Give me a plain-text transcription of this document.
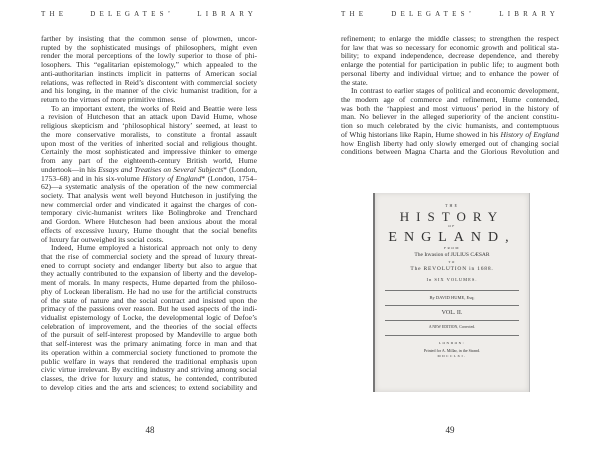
THE	DELEGATES’	LIBRARY	THE	DELEGATES’	LIBRARY
farther by insisting that the common sense of plowmen, uncor-
rupted by the sophisticated musings of philosophers, might even
render the moral perceptions of the lowly superior to those of phi-
losophers. This “egalitarian epistemology,” which appealed to the
anti-authoritarian instincts implicit in patterns of American social
relations, was reflected in Reid’s discontent with commercial society
and his longing, in the manner of the civic humanist tradition, for a
return to the virtues of more primitive times.
To an important extent, the works of Reid and Beattie were less
a revision of Hutcheson that an attack upon David Hume, whose
religious skepticism and ‘philosophical history’ seemed, at least to
the more conservative moralists, to constitute a frontal assault
upon most of the verities of inherited social and religious thought.
Certainly the most sophisticated and impressive thinker to emerge
from any part of the eighteenth-century British world, Hume
undertook—in his Essays and Treatises on Several Subjects* (London,
1753–68) and in his six-volume History of England* (London, 1754–
62)—a systematic analysis of the operation of the new commercial
society. That analysis went well beyond Hutcheson in justifying the
new commercial order and vindicated it against the charges of con-
temporary civic-humanist writers like Bolingbroke and Trenchard
and Gordon. Where Hutcheson had been anxious about the moral
effects of excessive luxury, Hume thought that the social benefits
of luxury far outweighed its social costs.
Indeed, Hume employed a historical approach not only to deny
that the rise of commercial society and the spread of luxury threat-
ened to corrupt society and endanger liberty but also to argue that
they actually contributed to the expansion of liberty and the develop-
ment of morals. In many respects, Hume departed from the philoso-
phy of Lockean liberalism. He had no use for the artificial constructs
of the state of nature and the social contract and insisted upon the
primacy of the passions over reason. But he used aspects of the indi-
vidualist epistemology of Locke, the developmental logic of Defoe’s
celebration of improvement, and the theories of the social effects
of the pursuit of self-interest proposed by Mandeville to argue both
that self-interest was the primary animating force in man and that
its operation within a commercial society functioned to promote the
public welfare in ways that rendered the traditional emphasis upon
civic virtue irrelevant. By exciting industry and striving among social
classes, the drive for luxury and status, he contended, contributed
to develop cities and the arts and sciences; to extend sociability and
refinement; to enlarge the middle classes; to strengthen the respect
for law that was so necessary for economic growth and political sta-
bility; to expand independence, decrease dependence, and thereby
enlarge the potential for participation in public life; to augment both
personal liberty and individual virtue; and to enhance the power of
the state.
In contrast to earlier stages of political and economic development,
the modern age of commerce and refinement, Hume contended,
was both the ‘happiest and most virtuous’ period in the history of
man. No believer in the alleged superiority of the ancient constitu-
tion so much celebrated by the civic humanists, and contemptuous
of Whig historians like Rapin, Hume showed in his History of England
how English liberty had only slowly emerged out of changing social
conditions between Magna Charta and the Glorious Revolution and
THE
HISTORY
OF
ENGLAND,
FROM
The Invasion of JULIUS CÆSAR
TO
The REVOLUTION in 1688.
In SIX VOLUMES.
By DAVID HUME, Esq;
VOL. II.
A NEW EDITION, Corrected.
LONDON:
Printed for A. Millar, in the Strand.
MDCCLXI.
48	49
